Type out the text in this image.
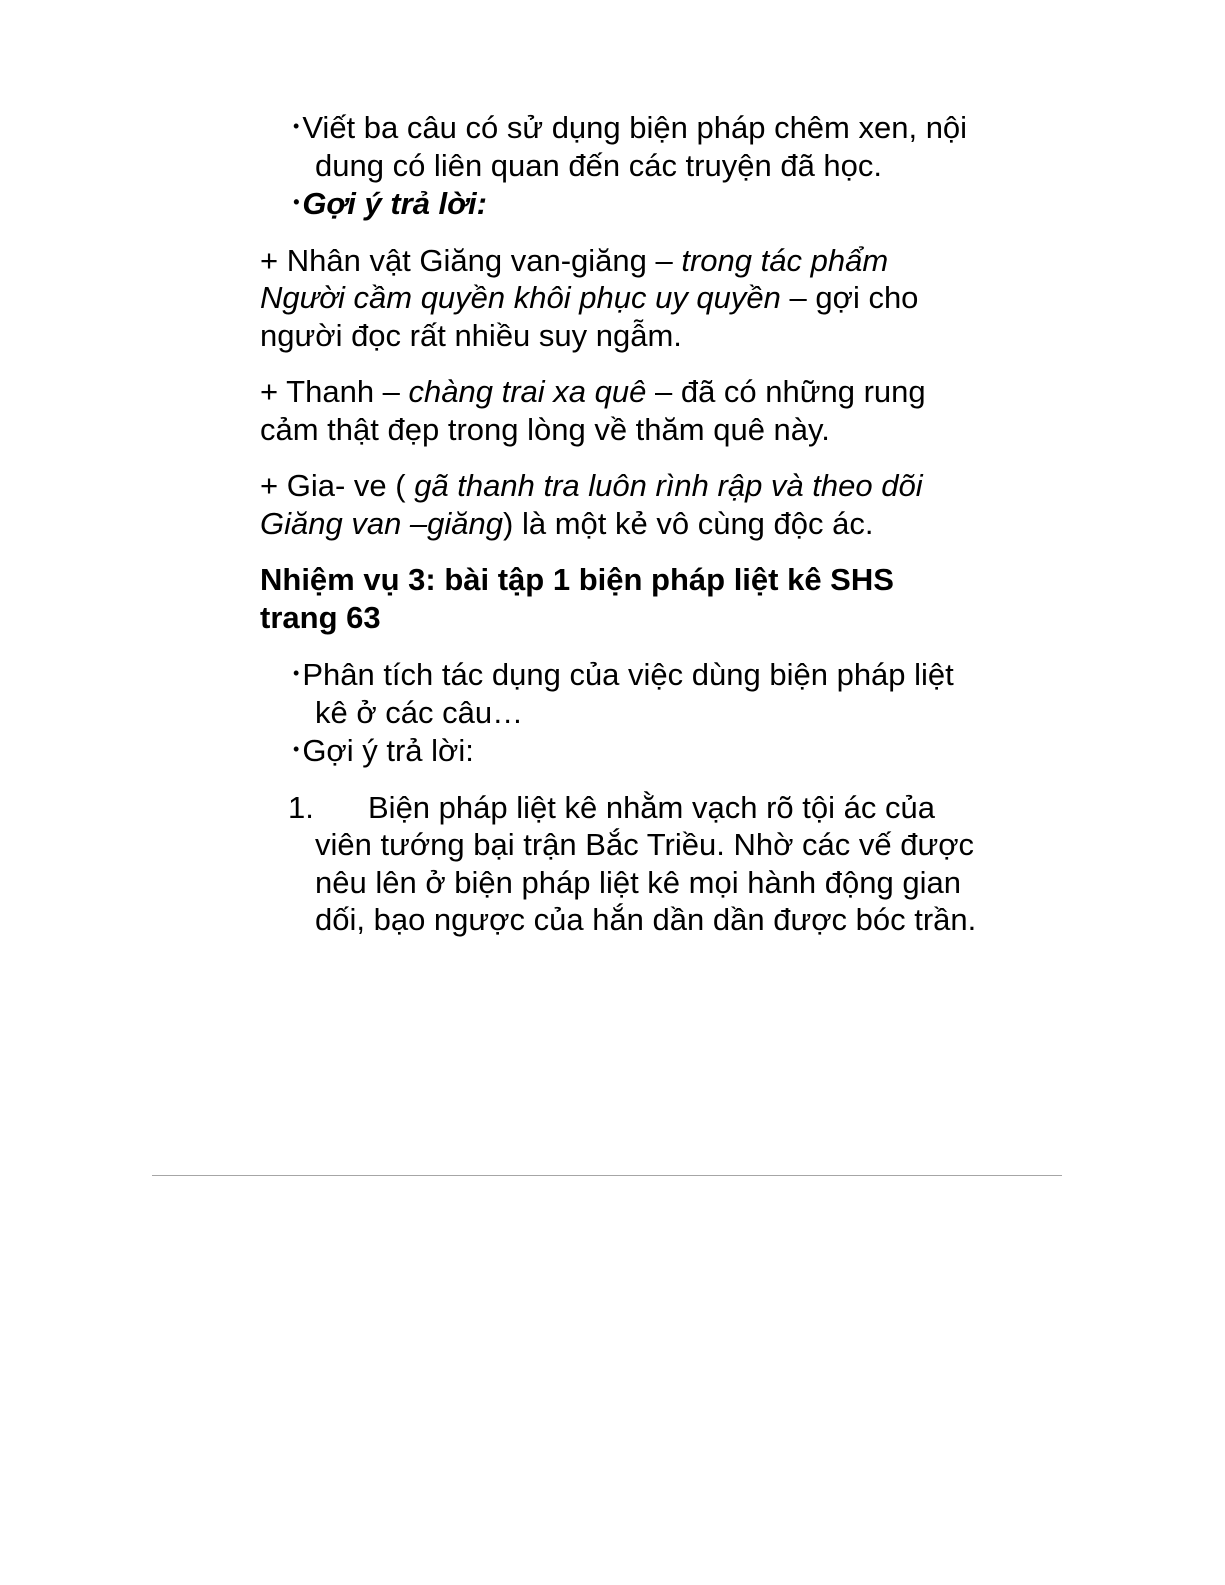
•Viết ba câu có sử dụng biện pháp chêm xen, nội dung có liên quan đến các truyện đã học.

•Gợi ý trả lời:

+ Nhân vật Giăng van-giăng – trong tác phẩm Người cầm quyền khôi phục uy quyền – gợi cho người đọc rất nhiều suy ngẫm.

+ Thanh – chàng trai xa quê – đã có những rung cảm thật đẹp trong lòng về thăm quê này.

+ Gia- ve ( gã thanh tra luôn rình rập và theo dõi Giăng van –giăng) là một kẻ vô cùng độc ác.

Nhiệm vụ 3: bài tập 1 biện pháp liệt kê SHS trang 63

•Phân tích tác dụng của việc dùng biện pháp liệt kê ở các câu…

•Gợi ý trả lời:

1. Biện pháp liệt kê nhằm vạch rõ tội ác của viên tướng bại trận Bắc Triều. Nhờ các vế được nêu lên ở biện pháp liệt kê mọi hành động gian dối, bạo ngược của hắn dần dần được bóc trần.
